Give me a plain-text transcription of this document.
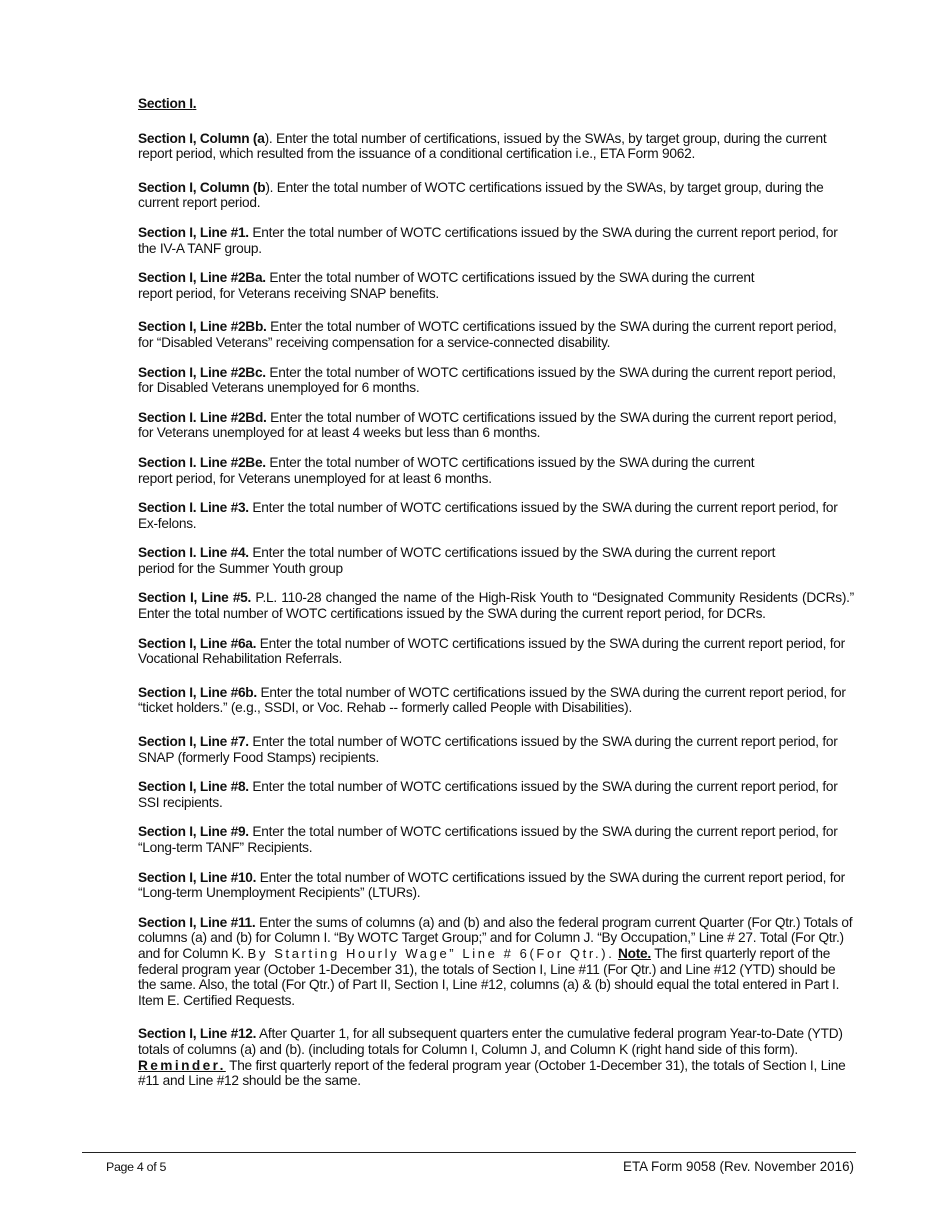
Section I.
Section I, Column (a). Enter the total number of certifications, issued by the SWAs, by target group, during the current report period, which resulted from the issuance of a conditional certification i.e., ETA Form 9062.
Section I, Column (b). Enter the total number of WOTC certifications issued by the SWAs, by target group, during the current report period.
Section I, Line #1. Enter the total number of WOTC certifications issued by the SWA during the current report period, for the IV-A TANF group.
Section I, Line #2Ba. Enter the total number of WOTC certifications issued by the SWA during the current report period, for Veterans receiving SNAP benefits.
Section I, Line #2Bb. Enter the total number of WOTC certifications issued by the SWA during the current report period, for “Disabled Veterans” receiving compensation for a service-connected disability.
Section I, Line #2Bc. Enter the total number of WOTC certifications issued by the SWA during the current report period, for Disabled Veterans unemployed for 6 months.
Section I. Line #2Bd. Enter the total number of WOTC certifications issued by the SWA during the current report period, for Veterans unemployed for at least 4 weeks but less than 6 months.
Section I. Line #2Be. Enter the total number of WOTC certifications issued by the SWA during the current report period, for Veterans unemployed for at least 6 months.
Section I. Line #3. Enter the total number of WOTC certifications issued by the SWA during the current report period, for Ex-felons.
Section I. Line #4. Enter the total number of WOTC certifications issued by the SWA during the current report period for the Summer Youth group
Section I, Line #5. P.L. 110-28 changed the name of the High-Risk Youth to “Designated Community Residents (DCRs).” Enter the total number of WOTC certifications issued by the SWA during the current report period, for DCRs.
Section I, Line #6a. Enter the total number of WOTC certifications issued by the SWA during the current report period, for Vocational Rehabilitation Referrals.
Section I, Line #6b. Enter the total number of WOTC certifications issued by the SWA during the current report period, for “ticket holders.” (e.g., SSDI, or Voc. Rehab -- formerly called People with Disabilities).
Section I, Line #7. Enter the total number of WOTC certifications issued by the SWA during the current report period, for SNAP (formerly Food Stamps) recipients.
Section I, Line #8. Enter the total number of WOTC certifications issued by the SWA during the current report period, for SSI recipients.
Section I, Line #9. Enter the total number of WOTC certifications issued by the SWA during the current report period, for “Long-term TANF” Recipients.
Section I, Line #10. Enter the total number of WOTC certifications issued by the SWA during the current report period, for “Long-term Unemployment Recipients” (LTURs).
Section I, Line #11. Enter the sums of columns (a) and (b) and also the federal program current Quarter (For Qtr.) Totals of columns (a) and (b) for Column I. “By WOTC Target Group;” and for Column J. “By Occupation,” Line # 27. Total (For Qtr.) and for Column K. By Starting Hourly Wage” Line # 6(For Qtr.). Note. The first quarterly report of the federal program year (October 1-December 31), the totals of Section I, Line #11 (For Qtr.) and Line #12 (YTD) should be the same. Also, the total (For Qtr.) of Part II, Section I, Line #12, columns (a) & (b) should equal the total entered in Part I. Item E. Certified Requests.
Section I, Line #12. After Quarter 1, for all subsequent quarters enter the cumulative federal program Year-to-Date (YTD) totals of columns (a) and (b). (including totals for Column I, Column J, and Column K (right hand side of this form). Reminder. The first quarterly report of the federal program year (October 1-December 31), the totals of Section I, Line #11 and Line #12 should be the same.
Page 4 of 5	ETA Form 9058 (Rev. November 2016)
